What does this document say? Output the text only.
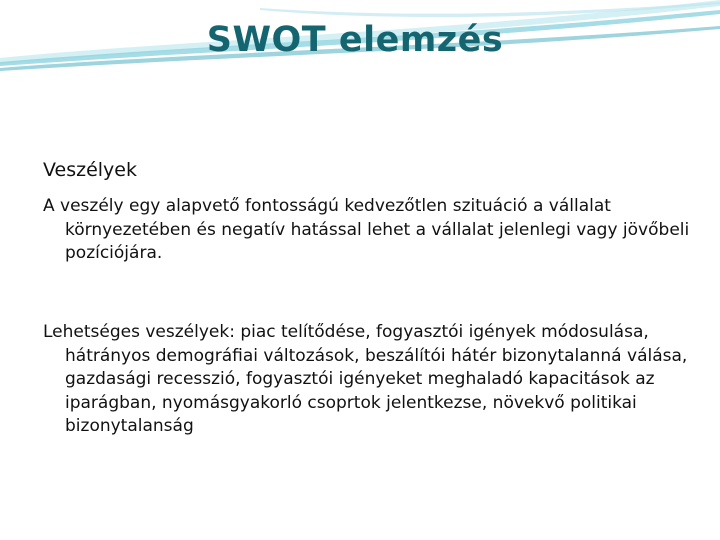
SWOT elemzés
Veszélyek
A veszély egy alapvető fontosságú kedvezőtlen szituáció a vállalat környezetében és negatív hatással lehet a vállalat jelenlegi vagy jövőbeli pozíciójára.
Lehetséges veszélyek: piac telítődése, fogyasztói igények módosulása, hátrányos demográfiai változások, beszálítói hátér bizonytalanná válása, gazdasági recesszió, fogyasztói igényeket meghaladó kapacitások az iparágban, nyomásgyakorló csoprtok jelentkezse, növekvő politikai bizonytalanság
